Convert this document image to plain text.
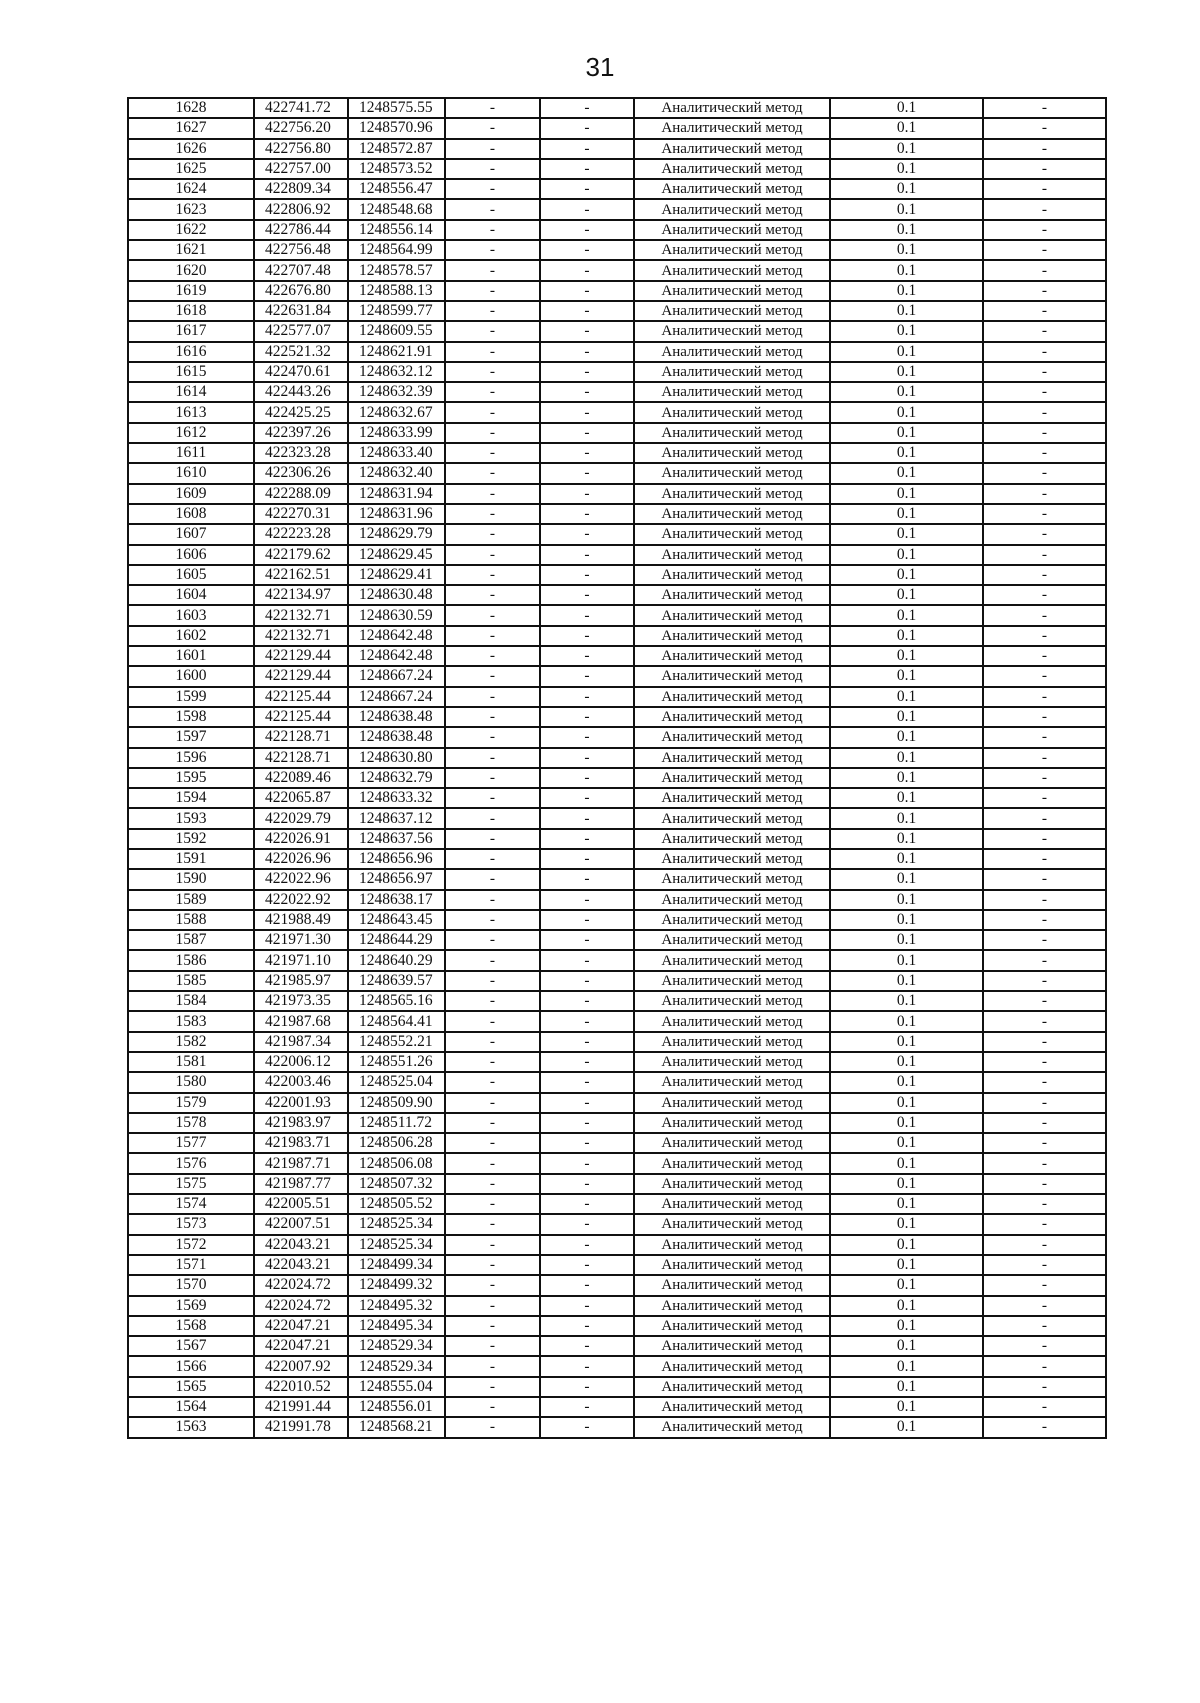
31
1628	422741.72	1248575.55	-	-	Аналитический метод	0.1	-
1627	422756.20	1248570.96	-	-	Аналитический метод	0.1	-
1626	422756.80	1248572.87	-	-	Аналитический метод	0.1	-
1625	422757.00	1248573.52	-	-	Аналитический метод	0.1	-
1624	422809.34	1248556.47	-	-	Аналитический метод	0.1	-
1623	422806.92	1248548.68	-	-	Аналитический метод	0.1	-
1622	422786.44	1248556.14	-	-	Аналитический метод	0.1	-
1621	422756.48	1248564.99	-	-	Аналитический метод	0.1	-
1620	422707.48	1248578.57	-	-	Аналитический метод	0.1	-
1619	422676.80	1248588.13	-	-	Аналитический метод	0.1	-
1618	422631.84	1248599.77	-	-	Аналитический метод	0.1	-
1617	422577.07	1248609.55	-	-	Аналитический метод	0.1	-
1616	422521.32	1248621.91	-	-	Аналитический метод	0.1	-
1615	422470.61	1248632.12	-	-	Аналитический метод	0.1	-
1614	422443.26	1248632.39	-	-	Аналитический метод	0.1	-
1613	422425.25	1248632.67	-	-	Аналитический метод	0.1	-
1612	422397.26	1248633.99	-	-	Аналитический метод	0.1	-
1611	422323.28	1248633.40	-	-	Аналитический метод	0.1	-
1610	422306.26	1248632.40	-	-	Аналитический метод	0.1	-
1609	422288.09	1248631.94	-	-	Аналитический метод	0.1	-
1608	422270.31	1248631.96	-	-	Аналитический метод	0.1	-
1607	422223.28	1248629.79	-	-	Аналитический метод	0.1	-
1606	422179.62	1248629.45	-	-	Аналитический метод	0.1	-
1605	422162.51	1248629.41	-	-	Аналитический метод	0.1	-
1604	422134.97	1248630.48	-	-	Аналитический метод	0.1	-
1603	422132.71	1248630.59	-	-	Аналитический метод	0.1	-
1602	422132.71	1248642.48	-	-	Аналитический метод	0.1	-
1601	422129.44	1248642.48	-	-	Аналитический метод	0.1	-
1600	422129.44	1248667.24	-	-	Аналитический метод	0.1	-
1599	422125.44	1248667.24	-	-	Аналитический метод	0.1	-
1598	422125.44	1248638.48	-	-	Аналитический метод	0.1	-
1597	422128.71	1248638.48	-	-	Аналитический метод	0.1	-
1596	422128.71	1248630.80	-	-	Аналитический метод	0.1	-
1595	422089.46	1248632.79	-	-	Аналитический метод	0.1	-
1594	422065.87	1248633.32	-	-	Аналитический метод	0.1	-
1593	422029.79	1248637.12	-	-	Аналитический метод	0.1	-
1592	422026.91	1248637.56	-	-	Аналитический метод	0.1	-
1591	422026.96	1248656.96	-	-	Аналитический метод	0.1	-
1590	422022.96	1248656.97	-	-	Аналитический метод	0.1	-
1589	422022.92	1248638.17	-	-	Аналитический метод	0.1	-
1588	421988.49	1248643.45	-	-	Аналитический метод	0.1	-
1587	421971.30	1248644.29	-	-	Аналитический метод	0.1	-
1586	421971.10	1248640.29	-	-	Аналитический метод	0.1	-
1585	421985.97	1248639.57	-	-	Аналитический метод	0.1	-
1584	421973.35	1248565.16	-	-	Аналитический метод	0.1	-
1583	421987.68	1248564.41	-	-	Аналитический метод	0.1	-
1582	421987.34	1248552.21	-	-	Аналитический метод	0.1	-
1581	422006.12	1248551.26	-	-	Аналитический метод	0.1	-
1580	422003.46	1248525.04	-	-	Аналитический метод	0.1	-
1579	422001.93	1248509.90	-	-	Аналитический метод	0.1	-
1578	421983.97	1248511.72	-	-	Аналитический метод	0.1	-
1577	421983.71	1248506.28	-	-	Аналитический метод	0.1	-
1576	421987.71	1248506.08	-	-	Аналитический метод	0.1	-
1575	421987.77	1248507.32	-	-	Аналитический метод	0.1	-
1574	422005.51	1248505.52	-	-	Аналитический метод	0.1	-
1573	422007.51	1248525.34	-	-	Аналитический метод	0.1	-
1572	422043.21	1248525.34	-	-	Аналитический метод	0.1	-
1571	422043.21	1248499.34	-	-	Аналитический метод	0.1	-
1570	422024.72	1248499.32	-	-	Аналитический метод	0.1	-
1569	422024.72	1248495.32	-	-	Аналитический метод	0.1	-
1568	422047.21	1248495.34	-	-	Аналитический метод	0.1	-
1567	422047.21	1248529.34	-	-	Аналитический метод	0.1	-
1566	422007.92	1248529.34	-	-	Аналитический метод	0.1	-
1565	422010.52	1248555.04	-	-	Аналитический метод	0.1	-
1564	421991.44	1248556.01	-	-	Аналитический метод	0.1	-
1563	421991.78	1248568.21	-	-	Аналитический метод	0.1	-
